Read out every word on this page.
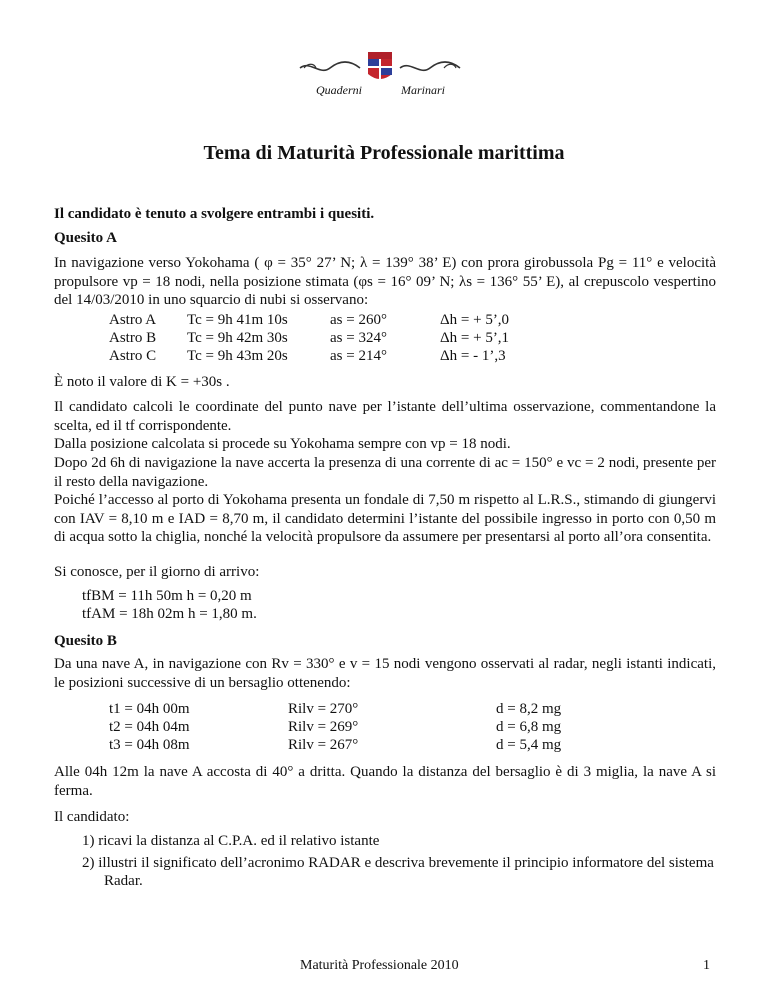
Quaderni	Marinari
Tema di Maturità Professionale marittima
Il candidato è tenuto a svolgere entrambi i quesiti.
Quesito A

In navigazione verso Yokohama ( φ = 35° 27’ N; λ = 139° 38’ E) con prora girobussola Pg = 11° e velocità propulsore vp = 18 nodi, nella posizione stimata (φs = 16° 09’ N; λs = 136° 55’ E), al crepuscolo vespertino del 14/03/2010 in uno squarcio di nubi si osservano:

Astro A Tc = 9h 41m 10s	as = 260°	Δh = + 5’,0
Astro B Tc = 9h 42m 30s	as = 324°	Δh = + 5’,1
Astro C Tc = 9h 43m 20s	as = 214°	Δh = - 1’,3
È noto il valore di K = +30s .

Il candidato calcoli le coordinate del punto nave per l’istante dell’ultima osservazione, commentandone la scelta, ed il tf corrispondente.

Dalla posizione calcolata si procede su Yokohama sempre con vp = 18 nodi.

Dopo 2d 6h di navigazione la nave accerta la presenza di una corrente di ac = 150° e vc = 2 nodi, presente per il resto della navigazione.

Poiché l’accesso al porto di Yokohama presenta un fondale di 7,50 m rispetto al L.R.S., stimando di giungervi con IAV = 8,10 m e IAD = 8,70 m, il candidato determini l’istante del possibile ingresso in porto con 0,50 m di acqua sotto la chiglia, nonché la velocità propulsore da assumere per presentarsi al porto all’ora consentita.

Si conosce, per il giorno di arrivo:
tfBM = 11h 50m h = 0,20 m
tfAM = 18h 02m h = 1,80 m.
Quesito B

Da una nave A, in navigazione con Rv = 330° e v = 15 nodi vengono osservati al radar, negli istanti indicati, le posizioni successive di un bersaglio ottenendo:

t1 = 04h 00m	Rilv = 270°	d = 8,2 mg
t2 = 04h 04m	Rilv = 269°	d = 6,8 mg
t3 = 04h 08m	Rilv = 267°	d = 5,4 mg

Alle 04h 12m la nave A accosta di 40° a dritta. Quando la distanza del bersaglio è di 3 miglia, la nave A si ferma.

Il candidato:
1) ricavi la distanza al C.P.A. ed il relativo istante
2) illustri il significato dell’acronimo RADAR e descriva brevemente il principio informatore del sistema Radar.
Maturità Professionale 2010	1
